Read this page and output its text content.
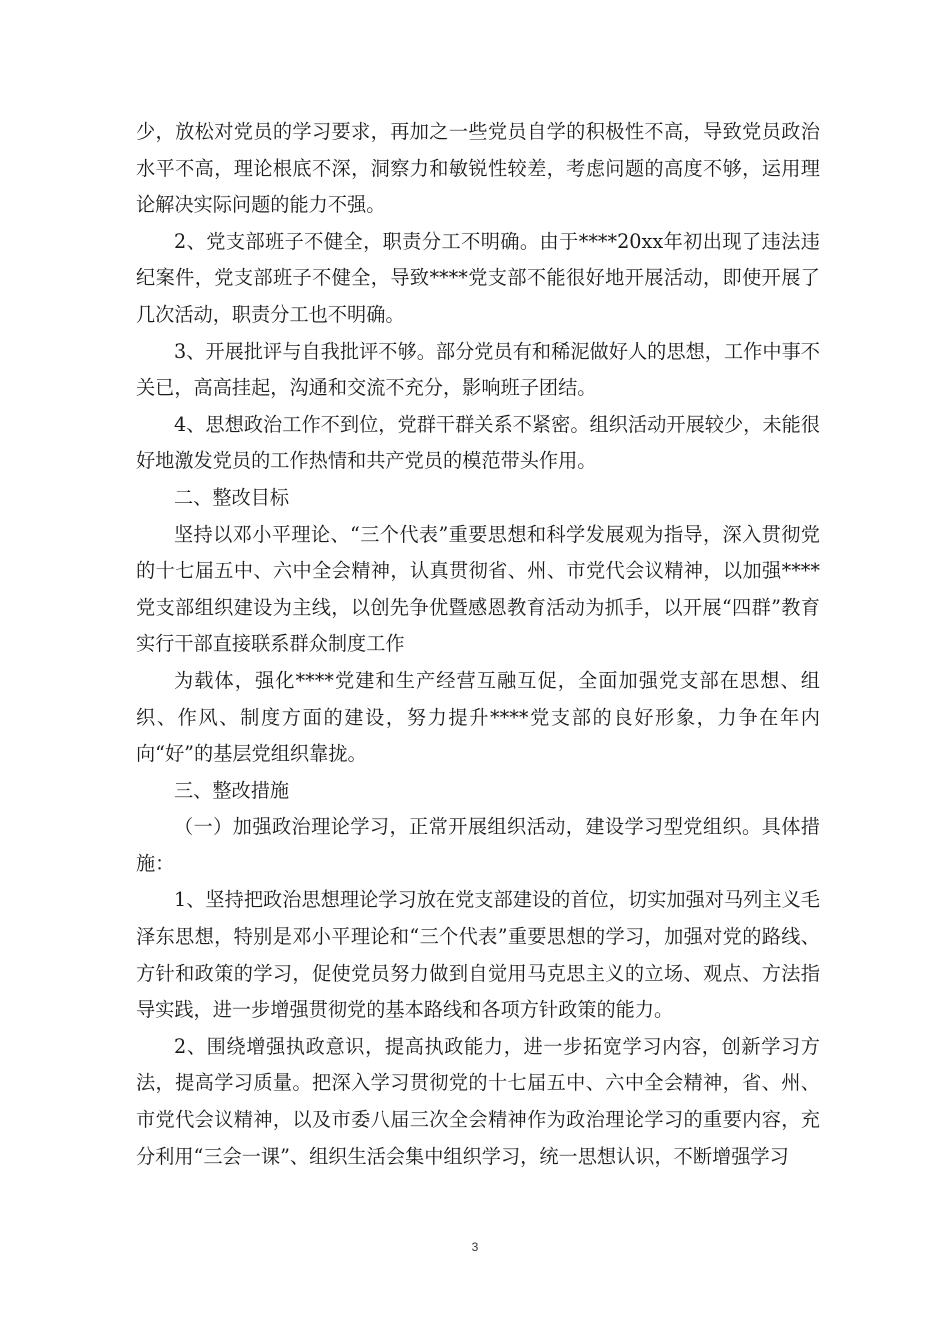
少，放松对党员的学习要求，再加之一些党员自学的积极性不高，导致党员政治水平不高，理论根底不深，洞察力和敏锐性较差，考虑问题的高度不够，运用理论解决实际问题的能力不强。

2、党支部班子不健全，职责分工不明确。由于****20xx年初出现了违法违纪案件，党支部班子不健全，导致****党支部不能很好地开展活动，即使开展了几次活动，职责分工也不明确。

3、开展批评与自我批评不够。部分党员有和稀泥做好人的思想，工作中事不关已，高高挂起，沟通和交流不充分，影响班子团结。

4、思想政治工作不到位，党群干群关系不紧密。组织活动开展较少，未能很好地激发党员的工作热情和共产党员的模范带头作用。

二、整改目标

坚持以邓小平理论、“三个代表”重要思想和科学发展观为指导，深入贯彻党的十七届五中、六中全会精神，认真贯彻省、州、市党代会议精神，以加强****党支部组织建设为主线，以创先争优暨感恩教育活动为抓手，以开展“四群”教育实行干部直接联系群众制度工作

为载体，强化****党建和生产经营互融互促，全面加强党支部在思想、组织、作风、制度方面的建设，努力提升****党支部的良好形象，力争在年内向“好”的基层党组织靠拢。

三、整改措施

（一）加强政治理论学习，正常开展组织活动，建设学习型党组织。具体措施：

1、坚持把政治思想理论学习放在党支部建设的首位，切实加强对马列主义毛泽东思想，特别是邓小平理论和“三个代表”重要思想的学习，加强对党的路线、方针和政策的学习，促使党员努力做到自觉用马克思主义的立场、观点、方法指导实践，进一步增强贯彻党的基本路线和各项方针政策的能力。

2、围绕增强执政意识，提高执政能力，进一步拓宽学习内容，创新学习方法，提高学习质量。把深入学习贯彻党的十七届五中、六中全会精神，省、州、市党代会议精神，以及市委八届三次全会精神作为政治理论学习的重要内容，充分利用“三会一课”、组织生活会集中组织学习，统一思想认识，不断增强学习

3
